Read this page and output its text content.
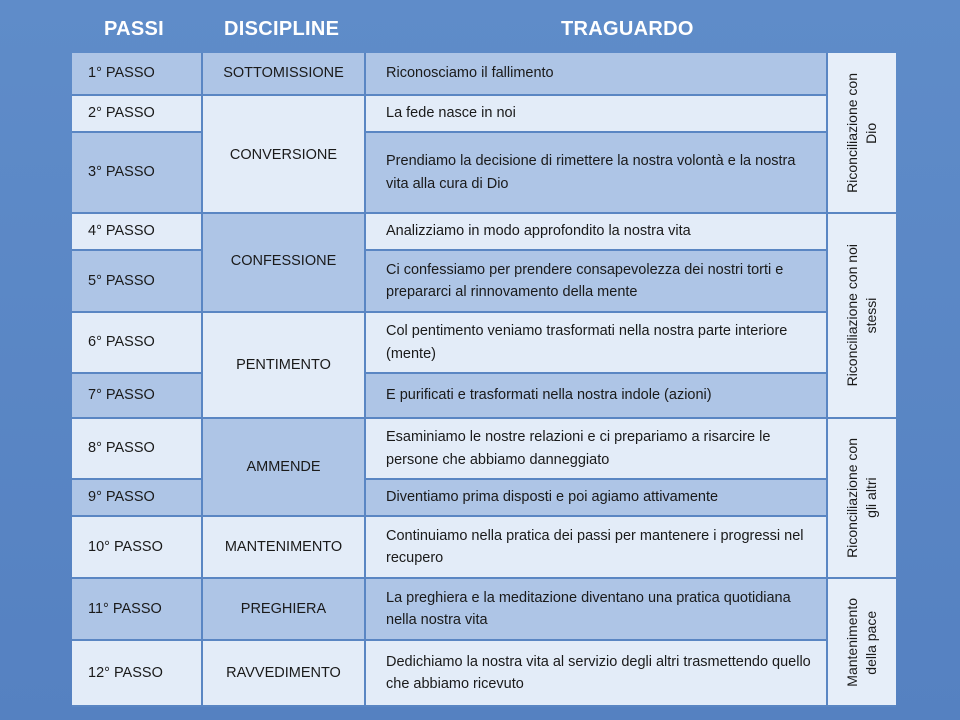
PASSI	DISCIPLINE	TRAGUARDO
1° PASSO
2° PASSO
3° PASSO
4° PASSO
5° PASSO
6° PASSO
7° PASSO
8° PASSO
9° PASSO
10° PASSO
11° PASSO
12° PASSO
SOTTOMISSIONE
CONVERSIONE
CONFESSIONE
PENTIMENTO
AMMENDE
MANTENIMENTO
PREGHIERA
RAVVEDIMENTO
Riconosciamo il fallimento
La fede nasce in noi
Prendiamo la decisione di rimettere la nostra volontà e la nostra vita alla cura di Dio
Analizziamo in modo approfondito la nostra vita
Ci confessiamo per prendere consapevolezza dei nostri torti e prepararci al rinnovamento della mente
Col pentimento veniamo trasformati nella nostra parte interiore (mente)
E purificati e trasformati nella nostra indole (azioni)
Esaminiamo le nostre relazioni e ci prepariamo a risarcire le persone che abbiamo danneggiato
Diventiamo prima disposti e poi agiamo attivamente
Continuiamo nella pratica dei passi per mantenere i progressi nel recupero
La preghiera e la meditazione diventano una pratica quotidiana nella nostra vita
Dedichiamo la nostra vita al servizio degli altri trasmettendo quello che abbiamo ricevuto
Riconciliazione con
Dio
Riconciliazione con noi
stessi
Riconciliazione con
gli altri
Mantenimento
della pace
